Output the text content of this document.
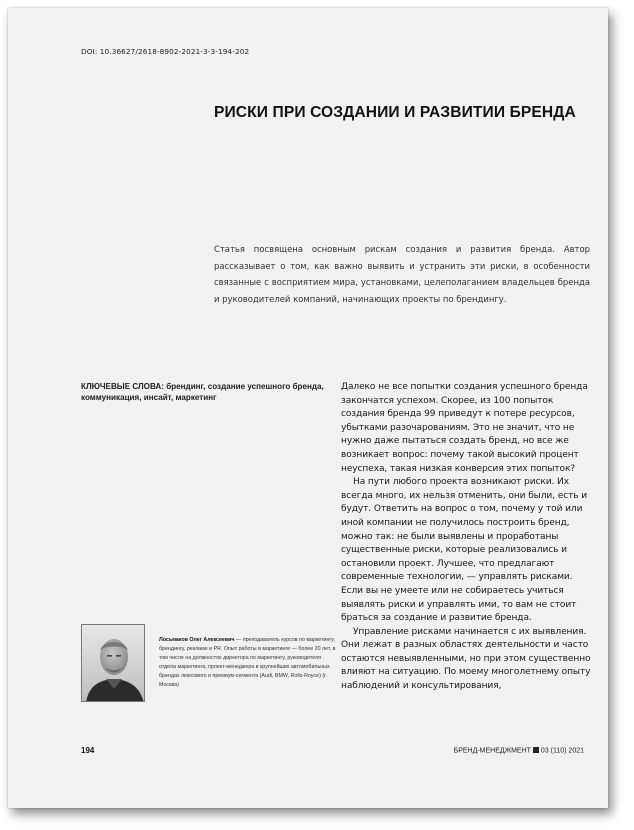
DOI: 10.36627/2618-8902-2021-3-3-194-202
РИСКИ ПРИ СОЗДАНИИ И РАЗВИТИИ БРЕНДА

Статья посвящена основным рискам создания и развития бренда. Автор рассказывает о том, как важно выявить и устранить эти риски, в особенности связанные с восприятием мира, установками, целеполаганием владельцев бренда и руководителей компаний, начинающих проекты по брендингу.

КЛЮЧЕВЫЕ СЛОВА: брендинг, создание успешного бренда, коммуникация, инсайт, маркетинг

Далеко не все попытки создания успешного бренда закончатся успехом. Скорее, из 100 попыток создания бренда 99 приведут к потере ресурсов, убытками разочарованиям. Это не значит, что не нужно даже пытаться создать бренд, но все же возникает вопрос: почему такой высокий процент неуспеха, такая низкая конверсия этих попыток?

На пути любого проекта возникают риски. Их всегда много, их нельзя отменить, они были, есть и будут. Ответить на вопрос о том, почему у той или иной компании не получилось построить бренд, можно так: не были выявлены и проработаны существенные риски, которые реализовались и остановили проект. Лучшее, что предлагают современные технологии, — управлять рисками. Если вы не умеете или не собираетесь учиться выявлять риски и управлять ими, то вам не стоит браться за создание и развитие бренда.

Управление рисками начинается с их выявления. Они лежат в разных областях деятельности и часто остаются невыявленными, но при этом существенно влияют на ситуацию. По моему многолетнему опыту наблюдений и консультирования,

Лосьмаков Олег Алексеевич — преподаватель курсов по маркетингу, брендингу, рекламе и PR. Опыт работы в маркетинге — более 20 лет, в том числе на должностях директора по маркетингу, руководителя отдела маркетинга, проект-менеджера в крупнейших автомобильных брендах люксового и премиум-сегмента (Audi, BMW, Rolls-Royce) (г. Москва)
194	БРЕНД-МЕНЕДЖМЕНТ 03 (110) 2021
